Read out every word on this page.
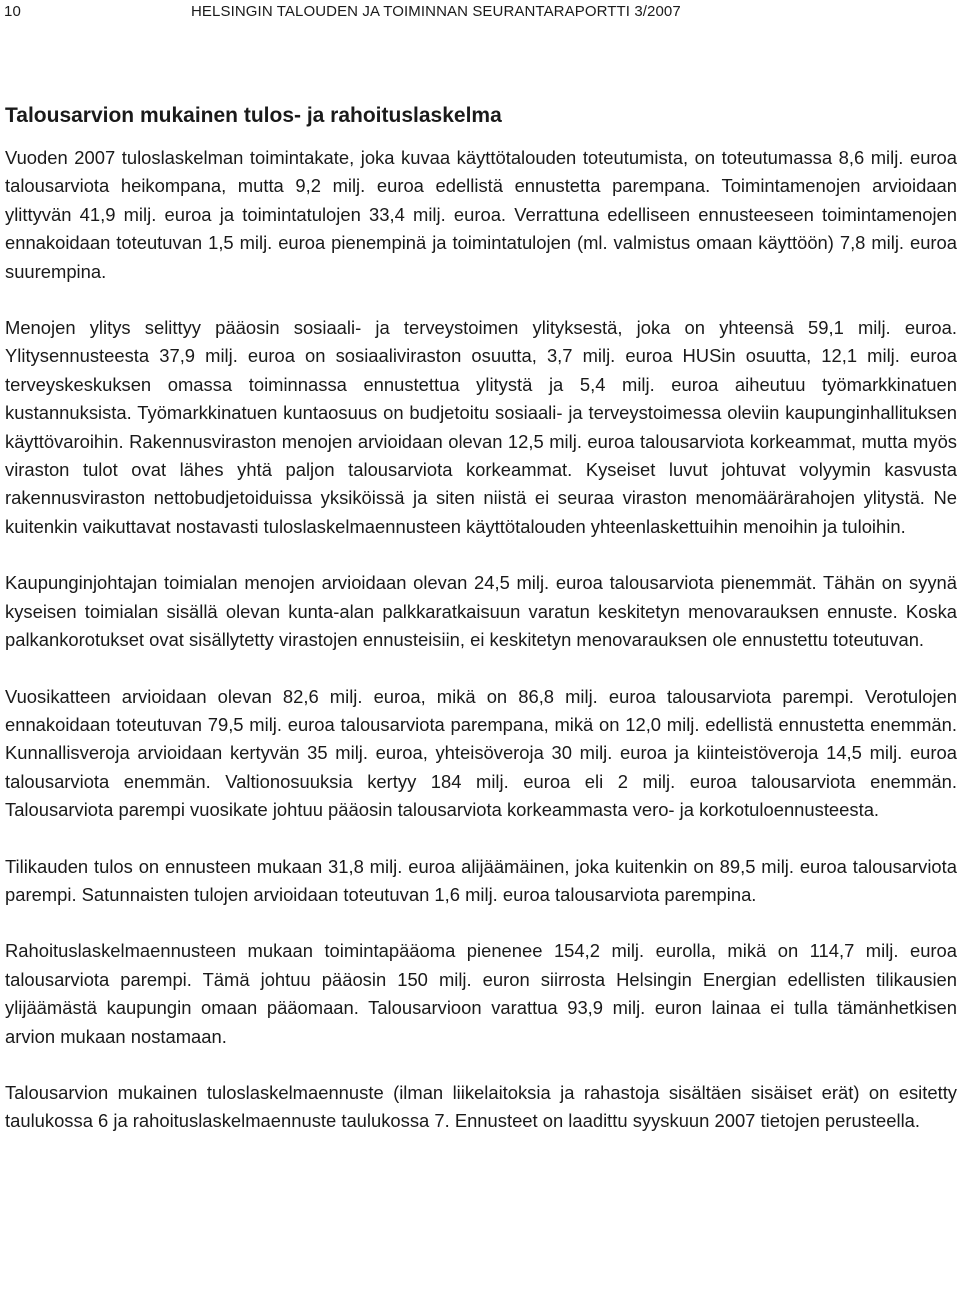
10	HELSINGIN TALOUDEN JA TOIMINNAN SEURANTARAPORTTI 3/2007
Talousarvion mukainen tulos- ja rahoituslaskelma

Vuoden 2007 tuloslaskelman toimintakate, joka kuvaa käyttötalouden toteutumista, on toteutumassa 8,6 milj. euroa talousarviota heikompana, mutta 9,2 milj. euroa edellistä ennustetta parempana. Toimintamenojen arvioidaan ylittyvän 41,9 milj. euroa ja toimintatulojen 33,4 milj. euroa. Verrattuna edelliseen ennusteeseen toimintamenojen ennakoidaan toteutuvan 1,5 milj. euroa pienempinä ja toimintatulojen (ml. valmistus omaan käyttöön) 7,8 milj. euroa suurempina.

Menojen ylitys selittyy pääosin sosiaali- ja terveystoimen ylityksestä, joka on yhteensä 59,1 milj. euroa. Ylitysennusteesta 37,9 milj. euroa on sosiaaliviraston osuutta, 3,7 milj. euroa HUSin osuutta, 12,1 milj. euroa terveyskeskuksen omassa toiminnassa ennustettua ylitystä ja 5,4 milj. euroa aiheutuu työmarkkinatuen kustannuksista. Työmarkkinatuen kuntaosuus on budjetoitu sosiaali- ja terveystoimessa oleviin kaupunginhallituksen käyttövaroihin. Rakennusviraston menojen arvioidaan olevan 12,5 milj. euroa talousarviota korkeammat, mutta myös viraston tulot ovat lähes yhtä paljon talousarviota korkeammat. Kyseiset luvut johtuvat volyymin kasvusta rakennusviraston nettobudjetoiduissa yksiköissä ja siten niistä ei seuraa viraston menomäärärahojen ylitystä. Ne kuitenkin vaikuttavat nostavasti tuloslaskelmaennusteen käyttötalouden yhteenlaskettuihin menoihin ja tuloihin.

Kaupunginjohtajan toimialan menojen arvioidaan olevan 24,5 milj. euroa talousarviota pienemmät. Tähän on syynä kyseisen toimialan sisällä olevan kunta-alan palkkaratkaisuun varatun keskitetyn menovarauksen ennuste. Koska palkankorotukset ovat sisällytetty virastojen ennusteisiin, ei keskitetyn menovarauksen ole ennustettu toteutuvan.

Vuosikatteen arvioidaan olevan 82,6 milj. euroa, mikä on 86,8 milj. euroa talousarviota parempi. Verotulojen ennakoidaan toteutuvan 79,5 milj. euroa talousarviota parempana, mikä on 12,0 milj. edellistä ennustetta enemmän. Kunnallisveroja arvioidaan kertyvän 35 milj. euroa, yhteisöveroja 30 milj. euroa ja kiinteistöveroja 14,5 milj. euroa talousarviota enemmän. Valtionosuuksia kertyy 184 milj. euroa eli 2 milj. euroa talousarviota enemmän. Talousarviota parempi vuosikate johtuu pääosin talousarviota korkeammasta vero- ja korkotuloennusteesta.

Tilikauden tulos on ennusteen mukaan 31,8 milj. euroa alijäämäinen, joka kuitenkin on 89,5 milj. euroa talousarviota parempi. Satunnaisten tulojen arvioidaan toteutuvan 1,6 milj. euroa talousarviota parempina.

Rahoituslaskelmaennusteen mukaan toimintapääoma pienenee 154,2 milj. eurolla, mikä on 114,7 milj. euroa talousarviota parempi. Tämä johtuu pääosin 150 milj. euron siirrosta Helsingin Energian edellisten tilikausien ylijäämästä kaupungin omaan pääomaan. Talousarvioon varattua 93,9 milj. euron lainaa ei tulla tämänhetkisen arvion mukaan nostamaan.

Talousarvion mukainen tuloslaskelmaennuste (ilman liikelaitoksia ja rahastoja sisältäen sisäiset erät) on esitetty taulukossa 6 ja rahoituslaskelmaennuste taulukossa 7. Ennusteet on laadittu syyskuun 2007 tietojen perusteella.
